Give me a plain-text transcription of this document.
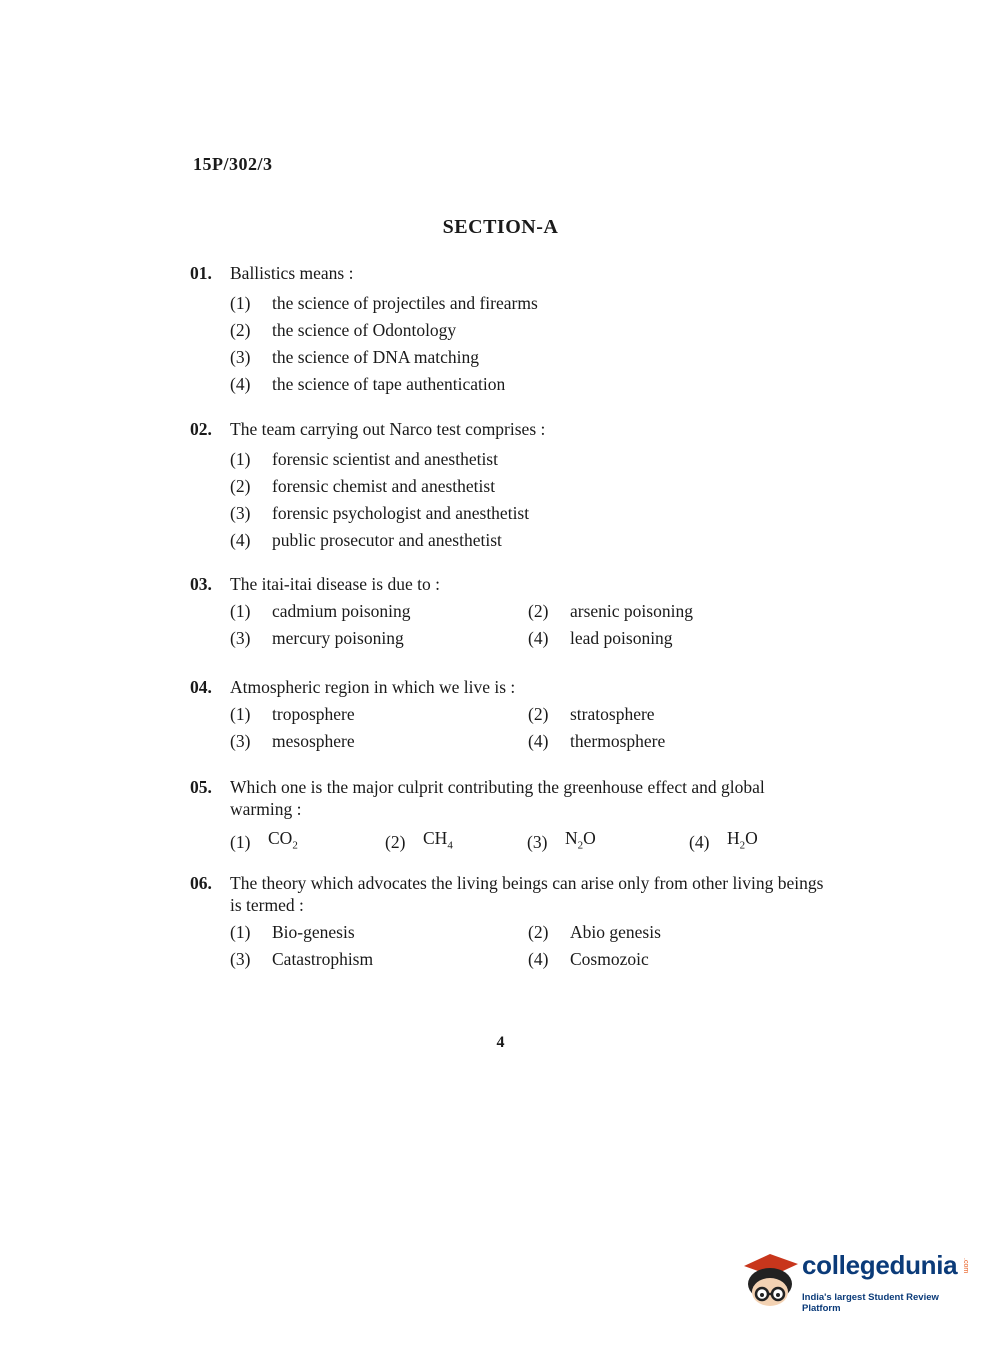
15P/302/3
SECTION-A
01.	Ballistics means :
(1)	the science of projectiles and firearms
(2)	the science of Odontology
(3)	the science of DNA matching
(4)	the science of tape authentication
02.	The team carrying out Narco test comprises :
(1)	forensic scientist and anesthetist
(2)	forensic chemist and anesthetist
(3)	forensic psychologist and anesthetist
(4)	public prosecutor and anesthetist
03.	The itai-itai disease is due to :
(1)	cadmium poisoning	(2)	arsenic poisoning
(3)	mercury poisoning	(4)	lead poisoning
04.	Atmospheric region in which we live is :
(1)	troposphere	(2)	stratosphere
(3)	mesosphere	(4)	thermosphere
05.	Which one is the major culprit contributing the greenhouse effect and global warming :
(1)	$CO_2$	(2)	$CH_4$	(3)	$N_2O$	(4)	$H_2O$
06.	The theory which advocates the living beings can arise only from other living beings is termed :
(1)	Bio-genesis	(2)	Abio genesis
(3)	Catastrophism	(4)	Cosmozoic
4
collegedunia .com
India's largest Student Review Platform
